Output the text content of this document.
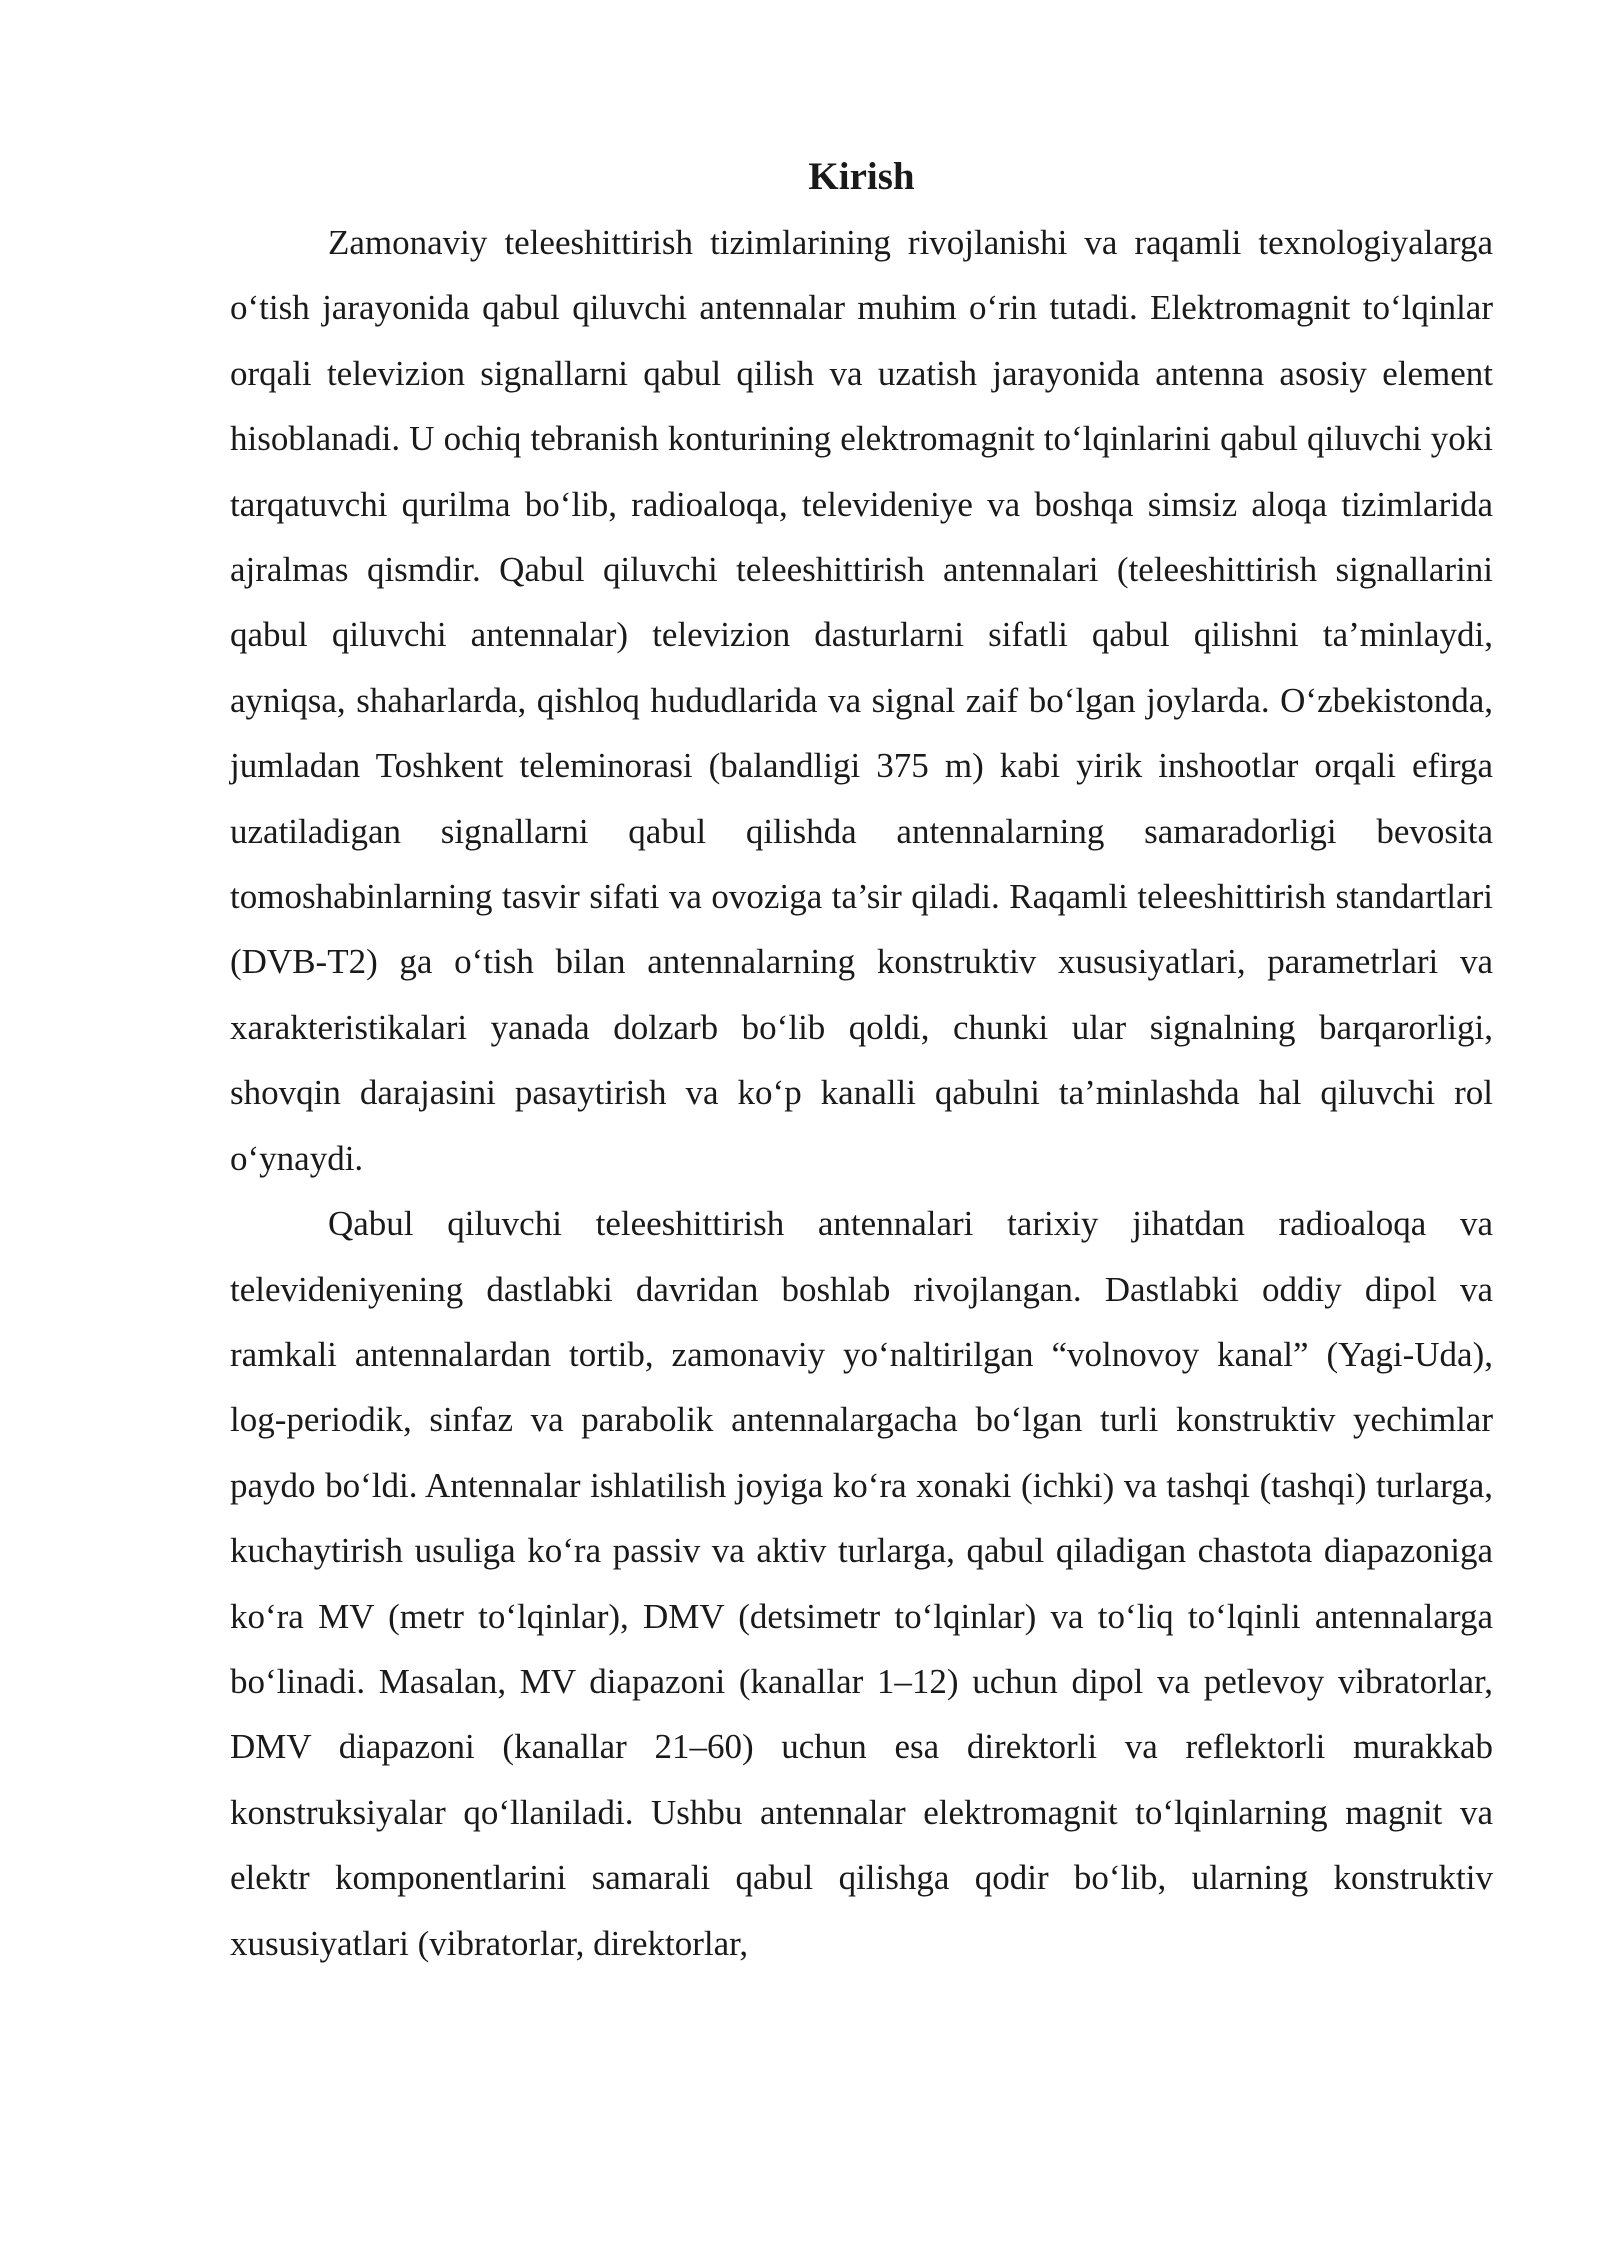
Kirish

Zamonaviy teleeshittirish tizimlarining rivojlanishi va raqamli texnologiyalarga o‘tish jarayonida qabul qiluvchi antennalar muhim o‘rin tutadi. Elektromagnit to‘lqinlar orqali televizion signallarni qabul qilish va uzatish jarayonida antenna asosiy element hisoblanadi. U ochiq tebranish konturining elektromagnit to‘lqinlarini qabul qiluvchi yoki tarqatuvchi qurilma bo‘lib, radioaloqa, televideniye va boshqa simsiz aloqa tizimlarida ajralmas qismdir. Qabul qiluvchi teleeshittirish antennalari (teleeshittirish signallarini qabul qiluvchi antennalar) televizion dasturlarni sifatli qabul qilishni ta’minlaydi, ayniqsa, shaharlarda, qishloq hududlarida va signal zaif bo‘lgan joylarda. O‘zbekistonda, jumladan Toshkent teleminorasi (balandligi 375 m) kabi yirik inshootlar orqali efirga uzatiladigan signallarni qabul qilishda antennalarning samaradorligi bevosita tomoshabinlarning tasvir sifati va ovoziga ta’sir qiladi. Raqamli teleeshittirish standartlari (DVB-T2) ga o‘tish bilan antennalarning konstruktiv xususiyatlari, parametrlari va xarakteristikalari yanada dolzarb bo‘lib qoldi, chunki ular signalning barqarorligi, shovqin darajasini pasaytirish va ko‘p kanalli qabulni ta’minlashda hal qiluvchi rol o‘ynaydi.

Qabul qiluvchi teleeshittirish antennalari tarixiy jihatdan radioaloqa va televideniyening dastlabki davridan boshlab rivojlangan. Dastlabki oddiy dipol va ramkali antennalardan tortib, zamonaviy yo‘naltirilgan “volnovoy kanal” (Yagi-Uda), log-periodik, sinfaz va parabolik antennalargacha bo‘lgan turli konstruktiv yechimlar paydo bo‘ldi. Antennalar ishlatilish joyiga ko‘ra xonaki (ichki) va tashqi (tashqi) turlarga, kuchaytirish usuliga ko‘ra passiv va aktiv turlarga, qabul qiladigan chastota diapazoniga ko‘ra MV (metr to‘lqinlar), DMV (detsimetr to‘lqinlar) va to‘liq to‘lqinli antennalarga bo‘linadi. Masalan, MV diapazoni (kanallar 1–12) uchun dipol va petlevoy vibratorlar, DMV diapazoni (kanallar 21–60) uchun esa direktorli va reflektorli murakkab konstruksiyalar qo‘llaniladi. Ushbu antennalar elektromagnit to‘lqinlarning magnit va elektr komponentlarini samarali qabul qilishga qodir bo‘lib, ularning konstruktiv xususiyatlari (vibratorlar, direktorlar,
